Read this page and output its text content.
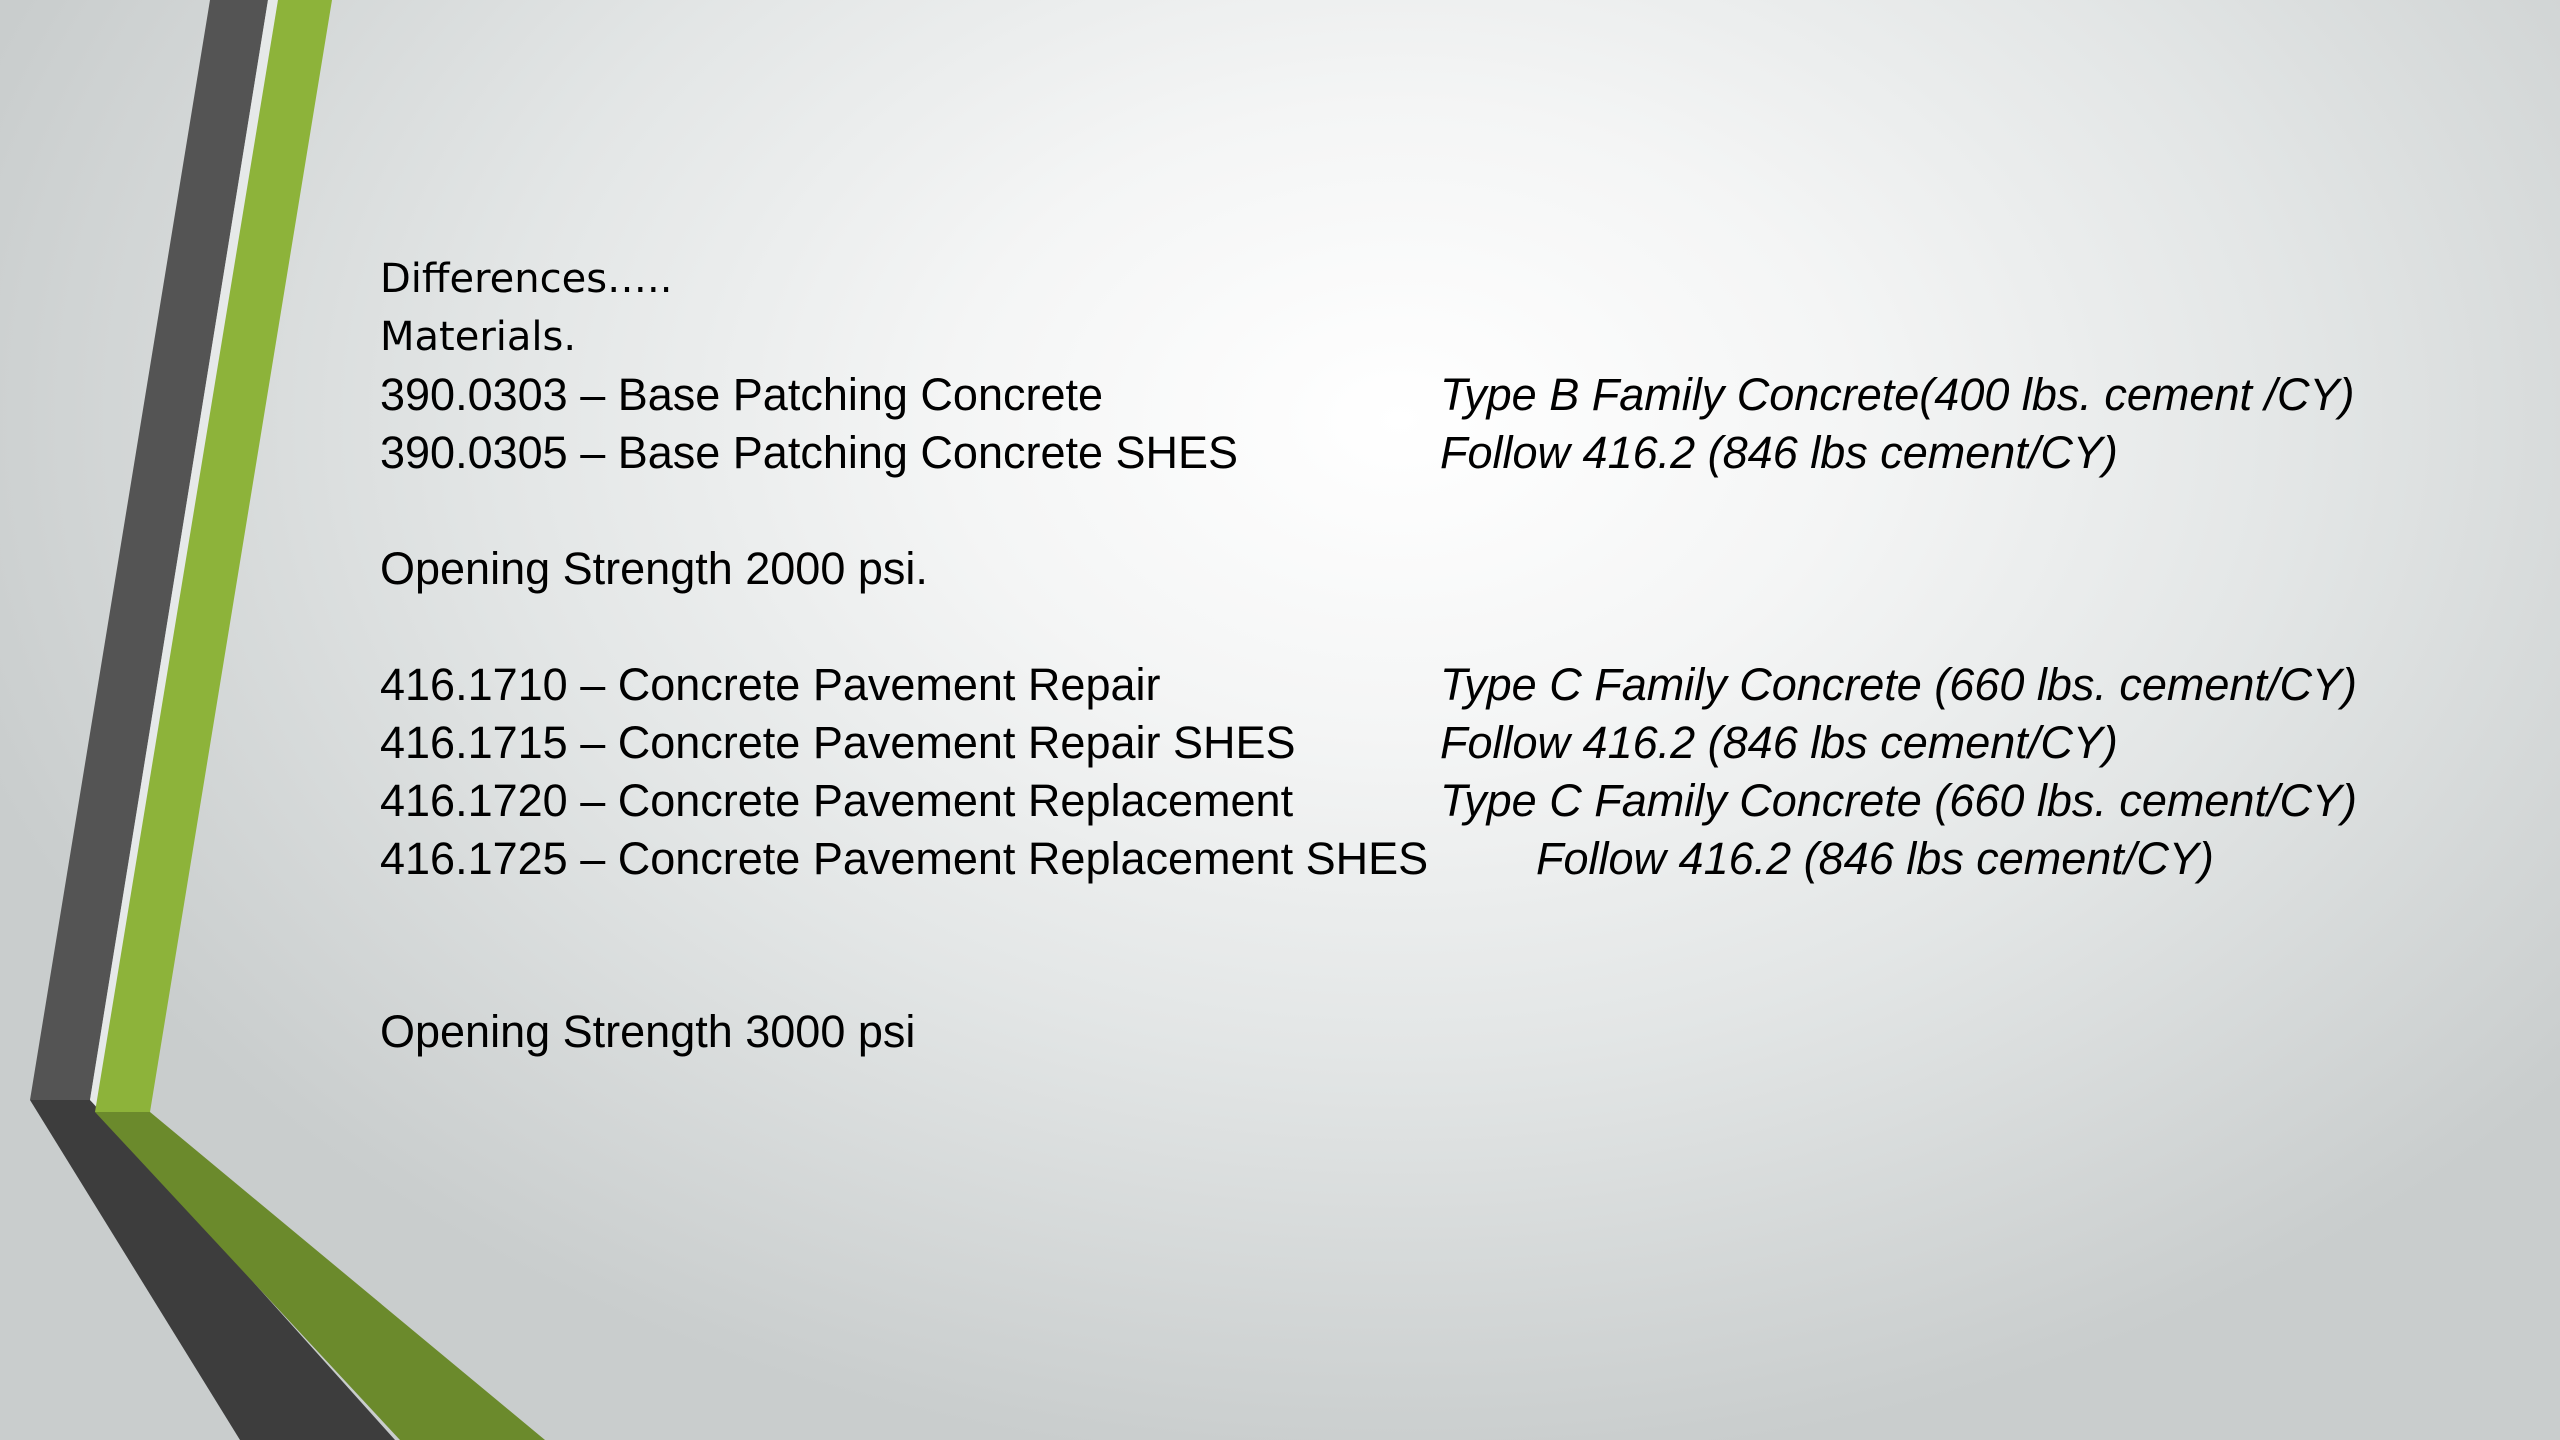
Differences…..
Materials.
390.0303 – Base Patching Concrete	Type B Family Concrete(400 lbs. cement /CY)
390.0305 – Base Patching Concrete SHES	Follow 416.2 (846 lbs cement/CY)
Opening Strength 2000 psi.
416.1710 – Concrete Pavement Repair	Type C Family Concrete (660 lbs. cement/CY)
416.1715 – Concrete Pavement Repair SHES	Follow 416.2 (846 lbs cement/CY)
416.1720 – Concrete Pavement Replacement	Type C Family Concrete (660 lbs. cement/CY)
416.1725 – Concrete Pavement Replacement SHES Follow 416.2 (846 lbs cement/CY)
Opening Strength 3000 psi
